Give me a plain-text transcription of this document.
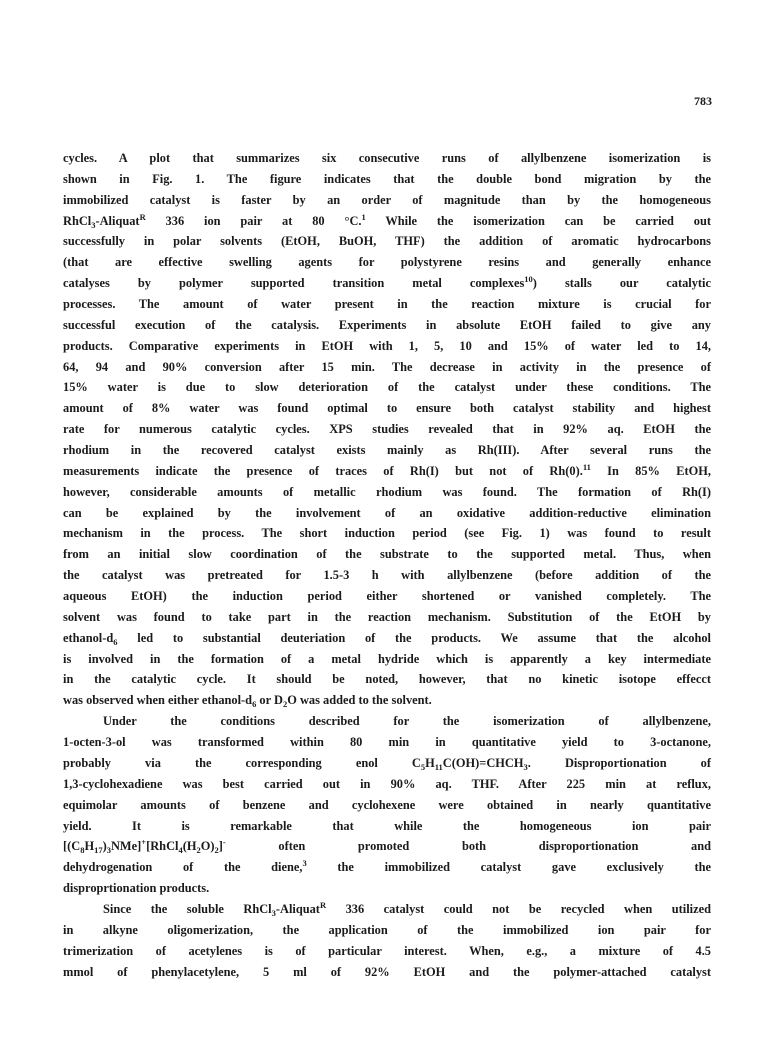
783
cycles. A plot that summarizes six consecutive runs of allylbenzene isomerization is
shown in Fig. 1. The figure indicates that the double bond migration by the
immobilized catalyst is faster by an order of magnitude than by the homogeneous
RhCl$_3$-Aliquat$^R$ 336 ion pair at 80 °C.$^1$ While the isomerization can be carried out
successfully in polar solvents (EtOH, BuOH, THF) the addition of aromatic hydrocarbons
(that are effective swelling agents for polystyrene resins and generally enhance
catalyses by polymer supported transition metal complexes$^{10}$) stalls our catalytic
processes. The amount of water present in the reaction mixture is crucial for
successful execution of the catalysis. Experiments in absolute EtOH failed to give any
products. Comparative experiments in EtOH with 1, 5, 10 and 15% of water led to 14,
64, 94 and 90% conversion after 15 min. The decrease in activity in the presence of
15% water is due to slow deterioration of the catalyst under these conditions. The
amount of 8% water was found optimal to ensure both catalyst stability and highest
rate for numerous catalytic cycles. XPS studies revealed that in 92% aq. EtOH the
rhodium in the recovered catalyst exists mainly as Rh(III). After several runs the
measurements indicate the presence of traces of Rh(I) but not of Rh(0).$^{11}$ In 85% EtOH,
however, considerable amounts of metallic rhodium was found. The formation of Rh(I)
can be explained by the involvement of an oxidative addition-reductive elimination
mechanism in the process. The short induction period (see Fig. 1) was found to result
from an initial slow coordination of the substrate to the supported metal. Thus, when
the catalyst was pretreated for 1.5-3 h with allylbenzene (before addition of the
aqueous EtOH) the induction period either shortened or vanished completely. The
solvent was found to take part in the reaction mechanism. Substitution of the EtOH by
ethanol-$d_6$ led to substantial deuteriation of the products. We assume that the alcohol
is involved in the formation of a metal hydride which is apparently a key intermediate
in the catalytic cycle. It should be noted, however, that no kinetic isotope effecct
was observed when either ethanol-$d_6$ or $D_2O$ was added to the solvent.
Under the conditions described for the isomerization of allylbenzene,
1-octen-3-ol was transformed within 80 min in quantitative yield to 3-octanone,
probably via the corresponding enol $C_5H_{11}C(OH)=CHCH_3$. Disproportionation of
1,3-cyclohexadiene was best carried out in 90% aq. THF. After 225 min at reflux,
equimolar amounts of benzene and cyclohexene were obtained in nearly quantitative
yield. It is remarkable that while the homogeneous ion pair
$[(C_8H_{17})_3NMe]^+[RhCl_4(H_2O)_2]^-$ often promoted both disproportionation and
dehydrogenation of the diene,$^3$ the immobilized catalyst gave exclusively the
disproprtionation products.
Since the soluble RhCl$_3$-Aliquat$^R$ 336 catalyst could not be recycled when utilized
in alkyne oligomerization, the application of the immobilized ion pair for
trimerization of acetylenes is of particular interest. When, e.g., a mixture of 4.5
mmol of phenylacetylene, 5 ml of 92% EtOH and the polymer-attached catalyst
